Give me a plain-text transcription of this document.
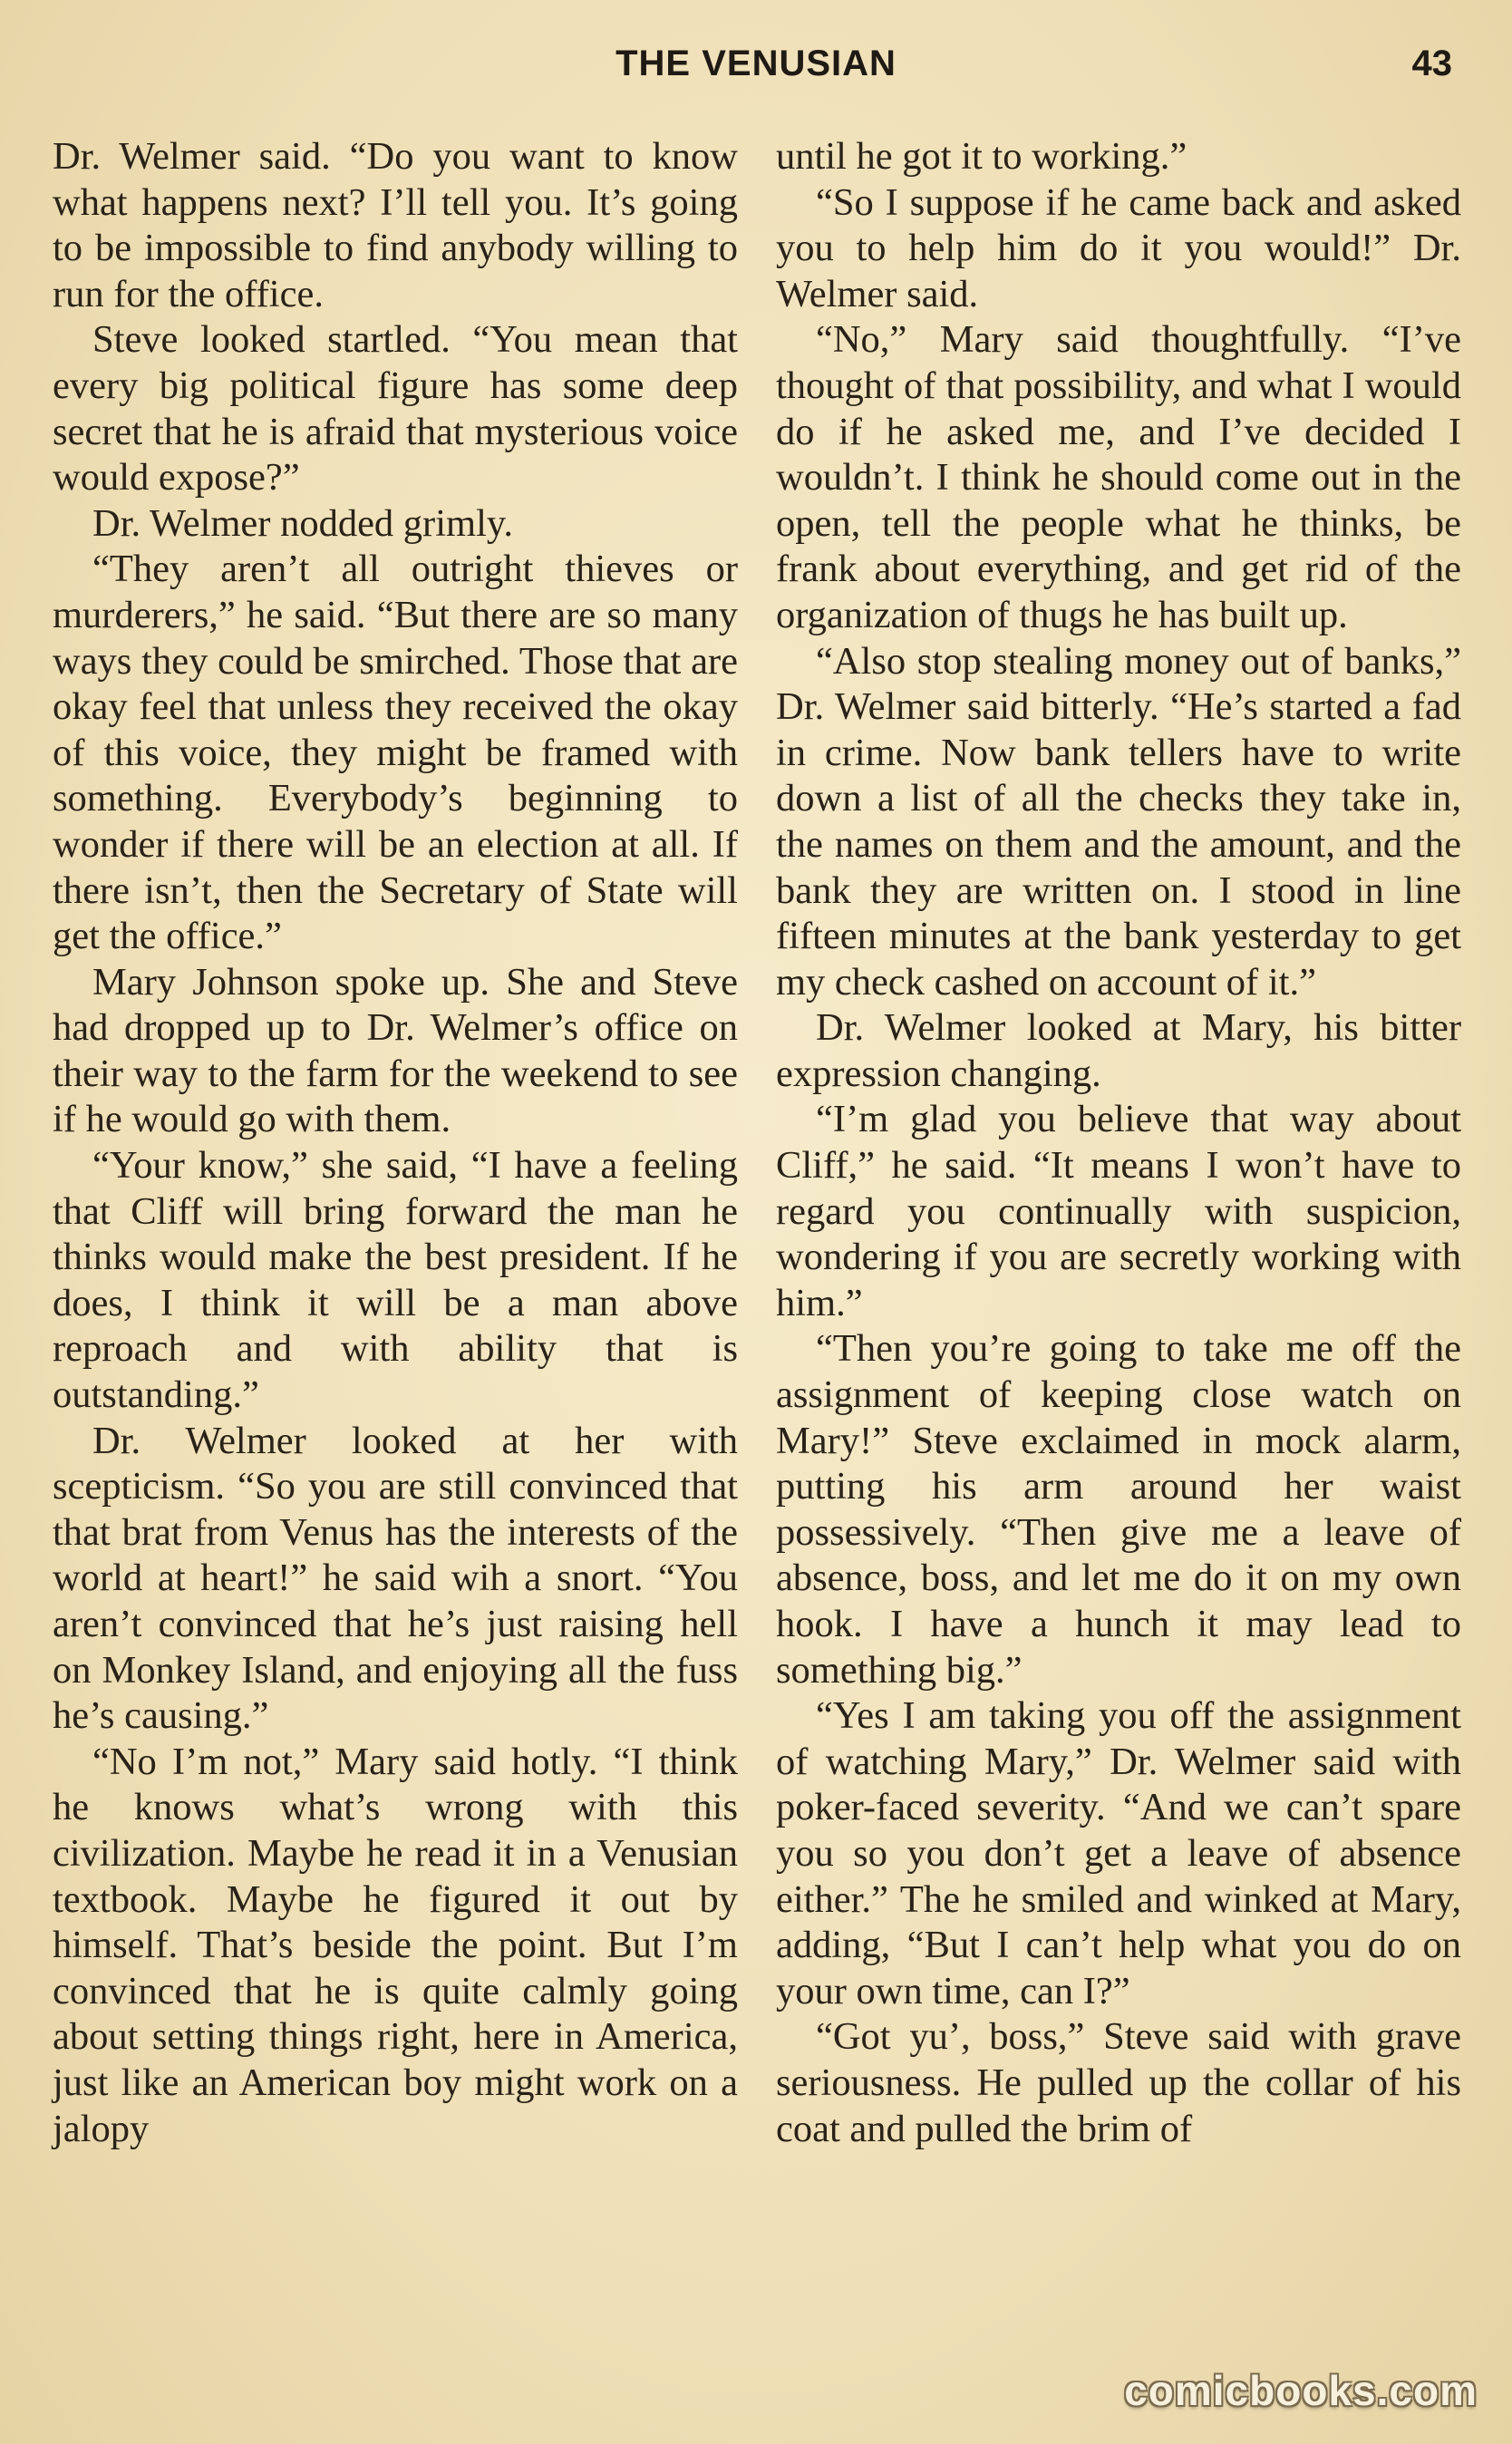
THE VENUSIAN	43

Dr. Welmer said. “Do you want to know what happens next? I’ll tell you. It’s going to be impossible to find anybody willing to run for the office.

Steve looked startled. “You mean that every big political figure has some deep secret that he is afraid that mysterious voice would expose?”

Dr. Welmer nodded grimly.

“They aren’t all outright thieves or murderers,” he said. “But there are so many ways they could be smirched. Those that are okay feel that unless they received the okay of this voice, they might be framed with something. Everybody’s beginning to wonder if there will be an election at all. If there isn’t, then the Secretary of State will get the office.”

Mary Johnson spoke up. She and Steve had dropped up to Dr. Welmer’s office on their way to the farm for the weekend to see if he would go with them.

“Your know,” she said, “I have a feeling that Cliff will bring forward the man he thinks would make the best president. If he does, I think it will be a man above reproach and with ability that is outstanding.”

Dr. Welmer looked at her with scepticism. “So you are still convinced that that brat from Venus has the interests of the world at heart!” he said wih a snort. “You aren’t convinced that he’s just raising hell on Monkey Island, and enjoying all the fuss he’s causing.”

“No I’m not,” Mary said hotly. “I think he knows what’s wrong with this civilization. Maybe he read it in a Venusian textbook. Maybe he figured it out by himself. That’s beside the point. But I’m convinced that he is quite calmly going about setting things right, here in America, just like an American boy might work on a jalopy

until he got it to working.”

“So I suppose if he came back and asked you to help him do it you would!” Dr. Welmer said.

“No,” Mary said thoughtfully. “I’ve thought of that possibility, and what I would do if he asked me, and I’ve decided I wouldn’t. I think he should come out in the open, tell the people what he thinks, be frank about everything, and get rid of the organization of thugs he has built up.

“Also stop stealing money out of banks,” Dr. Welmer said bitterly. “He’s started a fad in crime. Now bank tellers have to write down a list of all the checks they take in, the names on them and the amount, and the bank they are written on. I stood in line fifteen minutes at the bank yesterday to get my check cashed on account of it.”

Dr. Welmer looked at Mary, his bitter expression changing.

“I’m glad you believe that way about Cliff,” he said. “It means I won’t have to regard you continually with suspicion, wondering if you are secretly working with him.”

“Then you’re going to take me off the assignment of keeping close watch on Mary!” Steve exclaimed in mock alarm, putting his arm around her waist possessively. “Then give me a leave of absence, boss, and let me do it on my own hook. I have a hunch it may lead to something big.”

“Yes I am taking you off the assignment of watching Mary,” Dr. Welmer said with poker-faced severity. “And we can’t spare you so you don’t get a leave of absence either.” The he smiled and winked at Mary, adding, “But I can’t help what you do on your own time, can I?”

“Got yu’, boss,” Steve said with grave seriousness. He pulled up the collar of his coat and pulled the brim of

comicbooks.com
